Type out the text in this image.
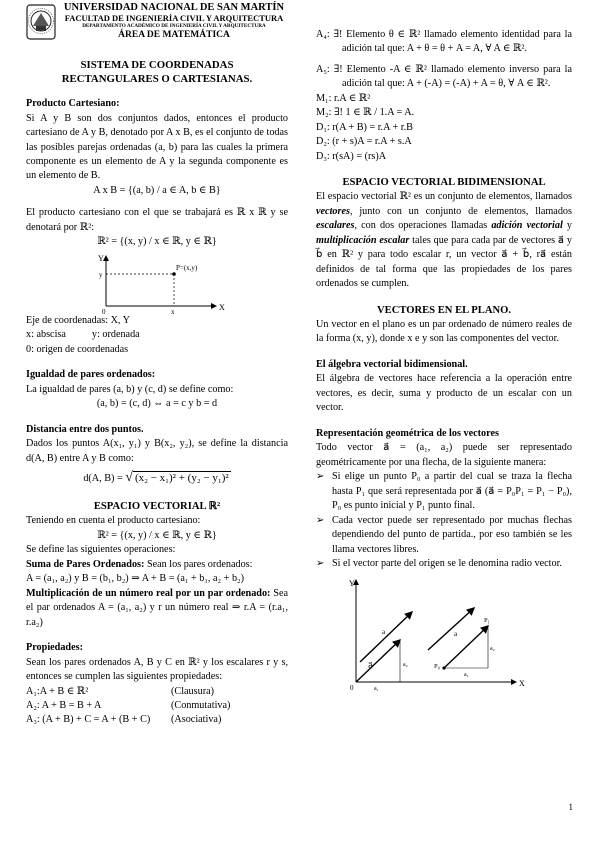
UNIVERSIDAD NACIONAL DE SAN MARTÍN
FACULTAD DE INGENIERÍA CIVIL Y ARQUITECTURA
DEPARTAMENTO ACADÉMICO DE INGENIERÍA CIVIL Y ARQUITECTURA
ÁREA DE MATEMÁTICA
SISTEMA DE COORDENADAS
RECTANGULARES O CARTESIANAS.

Producto Cartesiano:

Si A y B son dos conjuntos dados, entonces el producto cartesiano de A y B, denotado por A x B, es el conjunto de todas las posibles parejas ordenadas (a, b) para las cuales la primera componente es un elemento de A y la segunda componente es un elemento de B.

A x B = {(a, b) / a ∈ A, b ∈ B}

El producto cartesiano con el que se trabajará es ℝ x ℝ y se denotará por ℝ²:

ℝ² = {(x, y) / x ∈ ℝ, y ∈ ℝ}

Y
X
0
P=(x,y)
x
y

Eje de coordenadas: X, Y

x: abscisa	y: ordenada

0: origen de coordenadas

Igualdad de pares ordenados:

La igualdad de pares (a, b) y (c, d) se define como:

(a, b) = (c, d) ⇔ a = c y b = d

Distancia entre dos puntos.

Dados los puntos A(x₁, y₁) y B(x₂, y₂), se define la distancia d(A, B) entre A y B como:

d(A, B) = √ (x₂ − x₁)² + (y₂ − y₁)²

ESPACIO VECTORIAL ℝ²

Teniendo en cuenta el producto cartesiano:

ℝ² = {(x, y) / x ∈ ℝ, y ∈ ℝ}

Se define las siguientes operaciones:

Suma de Pares Ordenados: Sean los pares ordenados:

A = (a₁, a₂) y B = (b₁, b₂) ⇒ A + B = (a₁ + b₁, a₂ + b₂)

Multiplicación de un número real por un par ordenado: Sea el par ordenados A = (a₁, a₂) y r un número real ⇒ r.A = (r.a₁, r.a₂)

Propiedades:

Sean los pares ordenados A, B y C en ℝ² y los escalares r y s, entonces se cumplen las siguientes propiedades:

A₁:A + B ∈ ℝ²	(Clausura)
A₂: A + B = B + A	(Conmutativa)
A₃: (A + B) + C = A + (B + C)	(Asociativa)

A₄: ∃! Elemento θ ∈ ℝ² llamado elemento identidad para la adición tal que: A + θ = θ + A = A, ∀ A ∈ ℝ².

A₅: ∃! Elemento -A ∈ ℝ² llamado elemento inverso para la adición tal que: A + (-A) = (-A) + A = θ, ∀ A ∈ ℝ².

M₁: r.A ∈ ℝ²

M₂: ∃! 1 ∈ ℝ / 1.A = A.

D₁: r(A + B) = r.A + r.B

D₂: (r + s)A = r.A + s.A

D₃: r(sA) = (rs)A

ESPACIO VECTORIAL BIDIMENSIONAL

El espacio vectorial ℝ² es un conjunto de elementos, llamados vectores, junto con un conjunto de elementos, llamados escalares, con dos operaciones llamadas adición vectorial y multiplicación escalar tales que para cada par de vectores a⃗ y b⃗ en ℝ² y para todo escalar r, un vector a⃗ + b⃗, ra⃗ están definidos de tal forma que las propiedades de los pares ordenados se cumplen.

VECTORES EN EL PLANO.

Un vector en el plano es un par ordenado de número reales de la forma (x, y), donde x e y son las componentes del vector.

El álgebra vectorial bidimensional.

El álgebra de vectores hace referencia a la operación entre vectores, es decir, suma y producto de un escalar con un vector.

Representación geométrica de los vectores

Todo vector a⃗ = (a₁, a₂) puede ser representado geométricamente por una flecha, de la siguiente manera:

➢ Si elige un punto P₀ a partir del cual se traza la flecha hasta P₁ que será representada por a⃗ (a⃗ = P₀P₁ = P₁ − P₀), P₀ es punto inicial y P₁ punto final.
➢ Cada vector puede ser representado por muchas flechas dependiendo del punto de partida., por eso también se les llama vectores libres.
➢ Si el vector parte del origen se le denomina radio vector.
Y
X
0
a⃗
a₁
a₂	P₀
P₁
a	a
a₁
a₂
1
